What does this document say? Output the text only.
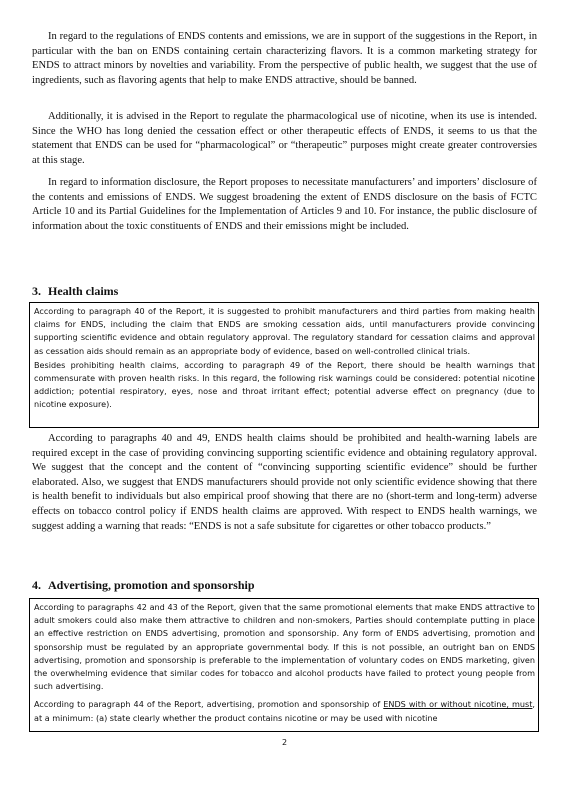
In regard to the regulations of ENDS contents and emissions, we are in support of the suggestions in the Report, in particular with the ban on ENDS containing certain characterizing flavors. It is a common marketing strategy for ENDS to attract minors by novelties and variability. From the perspective of public health, we suggest that the use of ingredients, such as flavoring agents that help to make ENDS attractive, should be banned.

Additionally, it is advised in the Report to regulate the pharmacological use of nicotine, when its use is intended. Since the WHO has long denied the cessation effect or other therapeutic effects of ENDS, it seems to us that the statement that ENDS can be used for “pharmacological” or “therapeutic” purposes might create greater controversies at this stage.

In regard to information disclosure, the Report proposes to necessitate manufacturers’ and importers’ disclosure of the contents and emissions of ENDS. We suggest broadening the extent of ENDS disclosure on the basis of FCTC Article 10 and its Partial Guidelines for the Implementation of Articles 9 and 10. For instance, the public disclosure of information about the toxic constituents of ENDS and their emissions might be included.

3. Health claims

According to paragraph 40 of the Report, it is suggested to prohibit manufacturers and third parties from making health claims for ENDS, including the claim that ENDS are smoking cessation aids, until manufacturers provide convincing supporting scientific evidence and obtain regulatory approval. The regulatory standard for cessation claims and approval as cessation aids should remain as an appropriate body of evidence, based on well-controlled clinical trials.

Besides prohibiting health claims, according to paragraph 49 of the Report, there should be health warnings that commensurate with proven health risks. In this regard, the following risk warnings could be considered: potential nicotine addiction; potential respiratory, eyes, nose and throat irritant effect; potential adverse effect on pregnancy (due to nicotine exposure).

According to paragraphs 40 and 49, ENDS health claims should be prohibited and health-warning labels are required except in the case of providing convincing supporting scientific evidence and obtaining regulatory approval. We suggest that the concept and the content of “convincing supporting scientific evidence” should be further elaborated. Also, we suggest that ENDS manufacturers should provide not only scientific evidence showing that there is health benefit to individuals but also empirical proof showing that there are no (short-term and long-term) adverse effects on tobacco control policy if ENDS health claims are approved. With respect to ENDS health warnings, we suggest adding a warning that reads: “ENDS is not a safe subsitute for cigarettes or other tobacco products.”

4. Advertising, promotion and sponsorship

According to paragraphs 42 and 43 of the Report, given that the same promotional elements that make ENDS attractive to adult smokers could also make them attractive to children and non-smokers, Parties should contemplate putting in place an effective restriction on ENDS advertising, promotion and sponsorship. Any form of ENDS advertising, promotion and sponsorship must be regulated by an appropriate governmental body. If this is not possible, an outright ban on ENDS advertising, promotion and sponsorship is preferable to the implementation of voluntary codes on ENDS marketing, given the overwhelming evidence that similar codes for tobacco and alcohol products have failed to protect young people from such advertising.

According to paragraph 44 of the Report, advertising, promotion and sponsorship of ENDS with or without nicotine, must, at a minimum: (a) state clearly whether the product contains nicotine or may be used with nicotine

2
